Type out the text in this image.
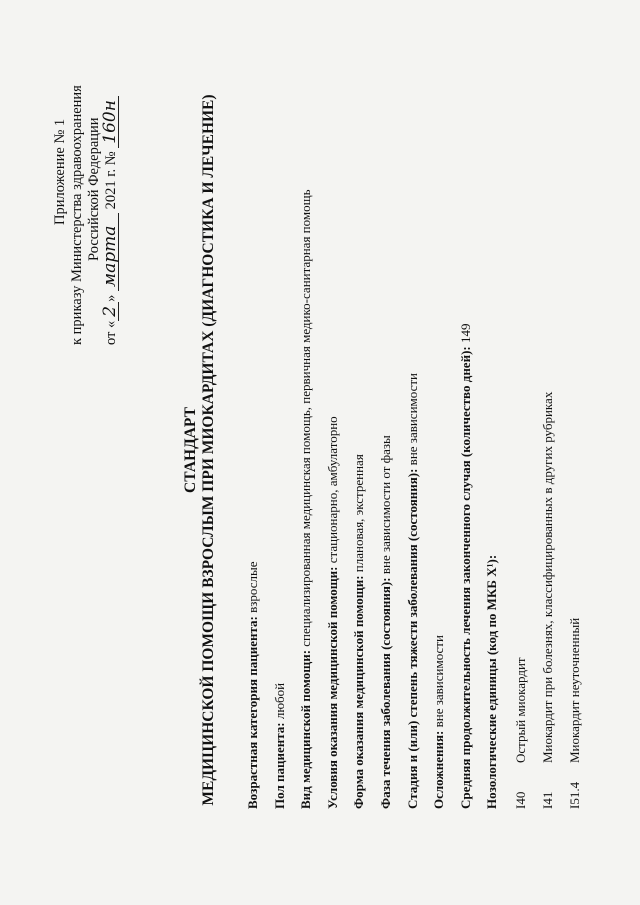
Приложение № 1 к приказу Министерства здравоохранения Российской Федерации
от «2» марта 2021 г. № 160н
СТАНДАРТ МЕДИЦИНСКОЙ ПОМОЩИ ВЗРОСЛЫМ ПРИ МИОКАРДИТАХ (ДИАГНОСТИКА И ЛЕЧЕНИЕ)	Возрастная категория пациента: взрослые
Пол пациента: любой Вид медицинской помощи: специализированная медицинская помощь, первичная медико-санитарная помощь
Условия оказания медицинской помощи: стационарно, амбулаторно
Форма оказания медицинской помощи: плановая, экстренная
Фаза течения заболевания (состояния): вне зависимости от фазы Стадия и (или) степень тяжести заболевания (состояния): вне зависимости
Осложнения: вне зависимости Средняя продолжительность лечения законченного случая (количество дней): 149
Нозологические единицы (код по МКБ Х¹):	I40Острый миокардит
I41Миокардит при болезнях, классифицированных в других рубриках
I51.4Миокардит неуточненный
